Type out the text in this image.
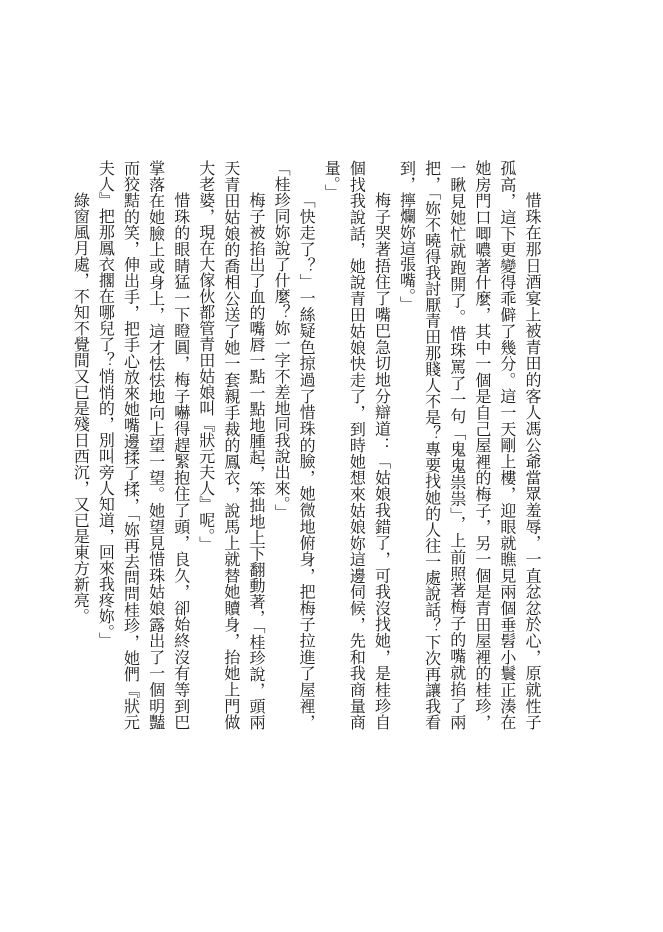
惜珠在那日酒宴上被青田的客人馮公爺當眾羞辱，一直忿忿於心，原就性子孤高，這下更變得乖僻了幾分。這一天剛上樓，迎眼就瞧見兩個垂髫小鬟正湊在她房門口唧噥著什麼，其中一個是自己屋裡的梅子，另一個是青田屋裡的桂珍，一瞅見她忙就跑開了。惜珠罵了一句「鬼鬼祟祟」，上前照著梅子的嘴就掐了兩把，「妳不曉得我討厭青田那賤人不是？專要找她的人往一處說話？下次再讓我看到，擰爛妳這張嘴。」

梅子哭著捂住了嘴巴急切地分辯道：「姑娘我錯了，可我沒找她，是桂珍自個找我說話，她說青田姑娘快走了，到時她想來姑娘妳這邊伺候，先和我商量商量。」

「快走了？」一絲疑色掠過了惜珠的臉，她微地俯身，把梅子拉進了屋裡，「桂珍同妳說了什麼？妳一字不差地同我說出來。」

梅子被掐出了血的嘴唇一點一點地腫起，笨拙地上下翻動著，「桂珍說，頭兩天青田姑娘的喬相公送了她一套親手裁的鳳衣，說馬上就替她贖身，抬她上門做大老婆，現在大傢伙都管青田姑娘叫『狀元夫人』呢。」

惜珠的眼睛猛一下瞪圓，梅子嚇得趕緊抱住了頭，良久，卻始終沒有等到巴掌落在她臉上或身上，這才怯怯地向上望一望。她望見惜珠姑娘露出了一個明豔而狡黠的笑，伸出手，把手心放來她嘴邊揉了揉，「妳再去問問桂珍，她們『狀元夫人』把那鳳衣擱在哪兒了？悄悄的，別叫旁人知道，回來我疼妳。」

綠窗風月處，不知不覺間又已是殘日西沉，又已是東方新亮。
